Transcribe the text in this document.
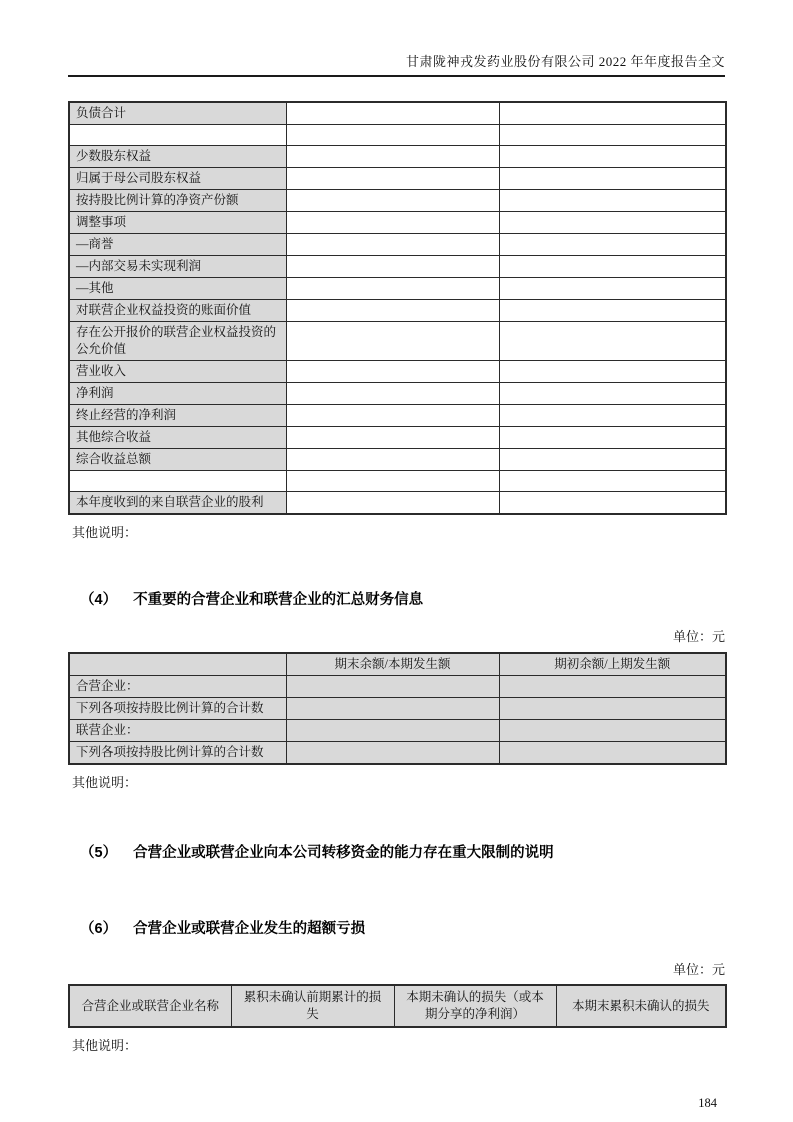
甘肃陇神戎发药业股份有限公司 2022 年年度报告全文
负债合计		

少数股东权益		
归属于母公司股东权益		
按持股比例计算的净资产份额		
调整事项		
—商誉		
—内部交易未实现利润		
—其他		
对联营企业权益投资的账面价值		
存在公开报价的联营企业权益投资的公允价值		
营业收入		
净利润		
终止经营的净利润		
其他综合收益		
综合收益总额		

本年度收到的来自联营企业的股利		
其他说明：
（4） 不重要的合营企业和联营企业的汇总财务信息
单位：元
	期末余额/本期发生额	期初余额/上期发生额
合营企业：		
下列各项按持股比例计算的合计数		
联营企业：		
下列各项按持股比例计算的合计数		
其他说明：
（5） 合营企业或联营企业向本公司转移资金的能力存在重大限制的说明
（6） 合营企业或联营企业发生的超额亏损
单位：元
合营企业或联营企业名称	累积未确认前期累计的损失	本期未确认的损失（或本期分享的净利润）	本期末累积未确认的损失
其他说明：
184
